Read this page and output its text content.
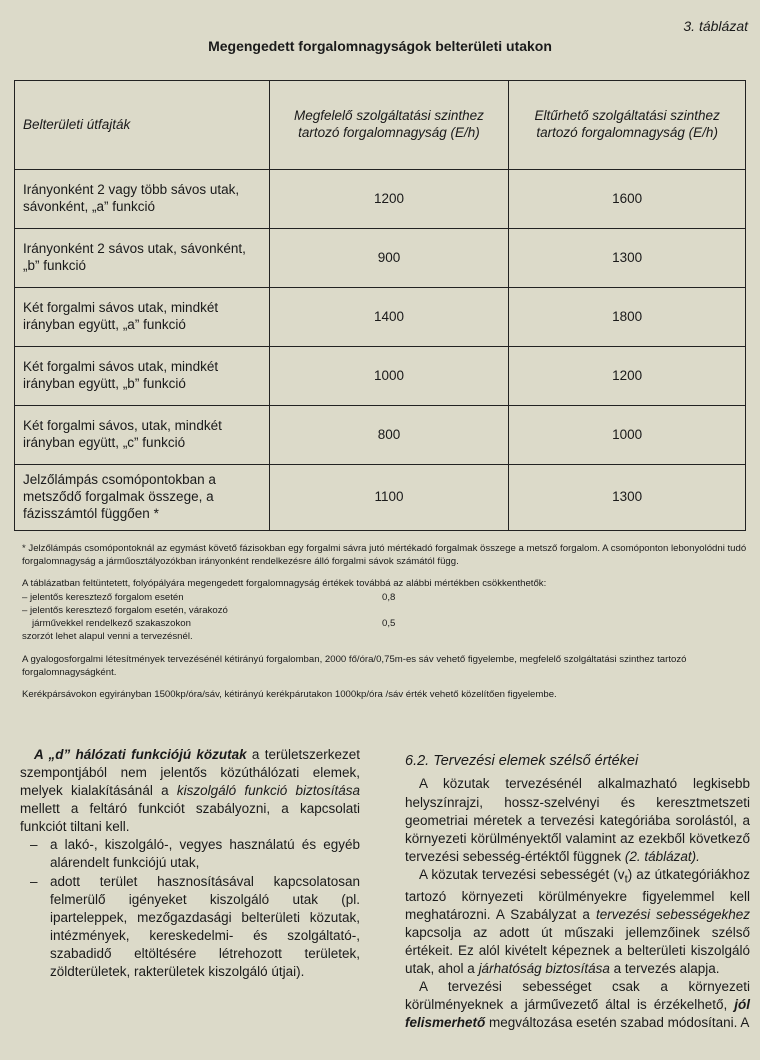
3. táblázat
Megengedett forgalomnagyságok belterületi utakon
Belterületi útfajták	Megfelelő szolgáltatási szinthez tartozó forgalomnagyság (E/h)	Eltűrhető szolgáltatási szinthez tartozó forgalomnagyság (E/h)
Irányonként 2 vagy több sávos utak, sávonként, „a” funkció	1200	1600
Irányonként 2 sávos utak, sávonként, „b” funkció	900	1300
Két forgalmi sávos utak, mindkét irányban együtt, „a” funkció	1400	1800
Két forgalmi sávos utak, mindkét irányban együtt, „b” funkció	1000	1200
Két forgalmi sávos, utak, mindkét irányban együtt, „c” funkció	800	1000
Jelzőlámpás csomópontokban a metsződő forgalmak összege, a fázisszámtól függően *	1100	1300

* Jelzőlámpás csomópontoknál az egymást követő fázisokban egy forgalmi sávra jutó mértékadó forgalmak összege a metsző forgalom. A csomóponton lebonyolódni tudó forgalomnagyság a járműosztályozókban irányonként rendelkezésre álló forgalmi sávok számától függ.

A táblázatban feltüntetett, folyópályára megengedett forgalomnagyság értékek továbbá az alábbi mértékben csökkenthetők:
– jelentős keresztező forgalom esetén	0,8
– jelentős keresztező forgalom esetén, várakozó
járművekkel rendelkező szakaszokon	0,5
szorzót lehet alapul venni a tervezésnél.

A gyalogosforgalmi létesítmények tervezésénél kétirányú forgalomban, 2000 fő/óra/0,75m-es sáv vehető figyelembe, megfelelő szolgáltatási szinthez tartozó forgalomnagyságként.

Kerékpársávokon egyirányban 1500kp/óra/sáv, kétirányú kerékpárutakon 1000kp/óra /sáv érték vehető közelítően figyelembe.

A „d” hálózati funkciójú közutak a területszerkezet szempontjából nem jelentős közúthálózati elemek, melyek kialakításánál a kiszolgáló funkció biztosítása mellett a feltáró funkciót szabályozni, a kapcsolati funkciót tiltani kell.

– a lakó-, kiszolgáló-, vegyes használatú és egyéb alárendelt funkciójú utak,
– adott terület hasznosításával kapcsolatosan felmerülő igényeket kiszolgáló utak (pl. iparteleppek, mezőgazdasági belterületi közutak, intézmények, kereskedelmi- és szolgáltató-, szabadidő eltöltésére létrehozott területek, zöldterületek, rakterületek kiszolgáló útjai).

6.2. Tervezési elemek szélső értékei

A közutak tervezésénél alkalmazható legkisebb helyszínrajzi, hossz-szelvényi és keresztmetszeti geometriai méretek a tervezési kategóriába sorolástól, a környezeti körülményektől valamint az ezekből következő tervezési sebesség-értéktől függnek (2. táblázat).

A közutak tervezési sebességét $(v_t)$ az útkategóriákhoz tartozó környezeti körülményekre figyelemmel kell meghatározni. A Szabályzat a tervezési sebességekhez kapcsolja az adott út műszaki jellemzőinek szélső értékeit. Ez alól kivételt képeznek a belterületi kiszolgáló utak, ahol a járhatóság biztosítása a tervezés alapja.

A tervezési sebességet csak a környezeti körülményeknek a járművezető által is érzékelhető, jól felismerhető megváltozása esetén szabad módosítani. A
